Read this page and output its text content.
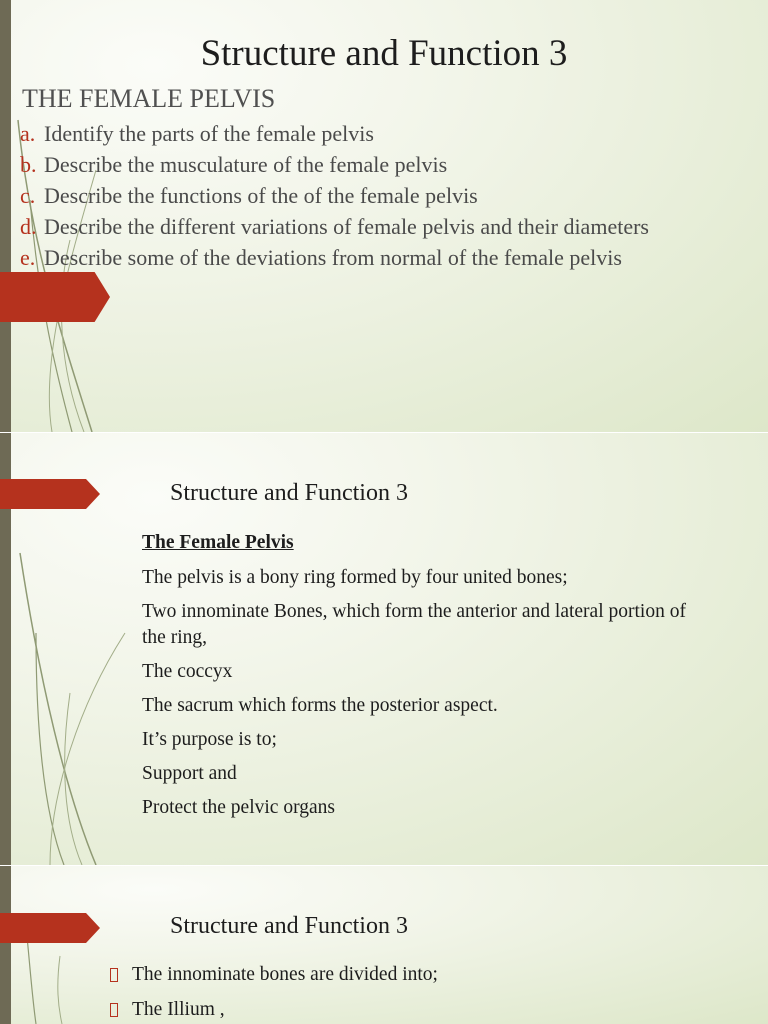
Structure and Function 3
THE FEMALE PELVIS
a. Identify the parts of the female pelvis
b. Describe the musculature of the female pelvis
c. Describe the functions of the of the female pelvis
d. Describe the different variations of female pelvis and their diameters
e. Describe some of the deviations from normal of the female pelvis
Structure and Function 3

The Female Pelvis

The pelvis is a bony ring formed by four united bones;

Two innominate Bones, which form the anterior and lateral portion of the ring,

The coccyx

The sacrum which forms the posterior aspect.

It’s purpose is to;

Support and

Protect the pelvic organs

Structure and Function 3
The innominate bones are divided into;
The Illium ,
